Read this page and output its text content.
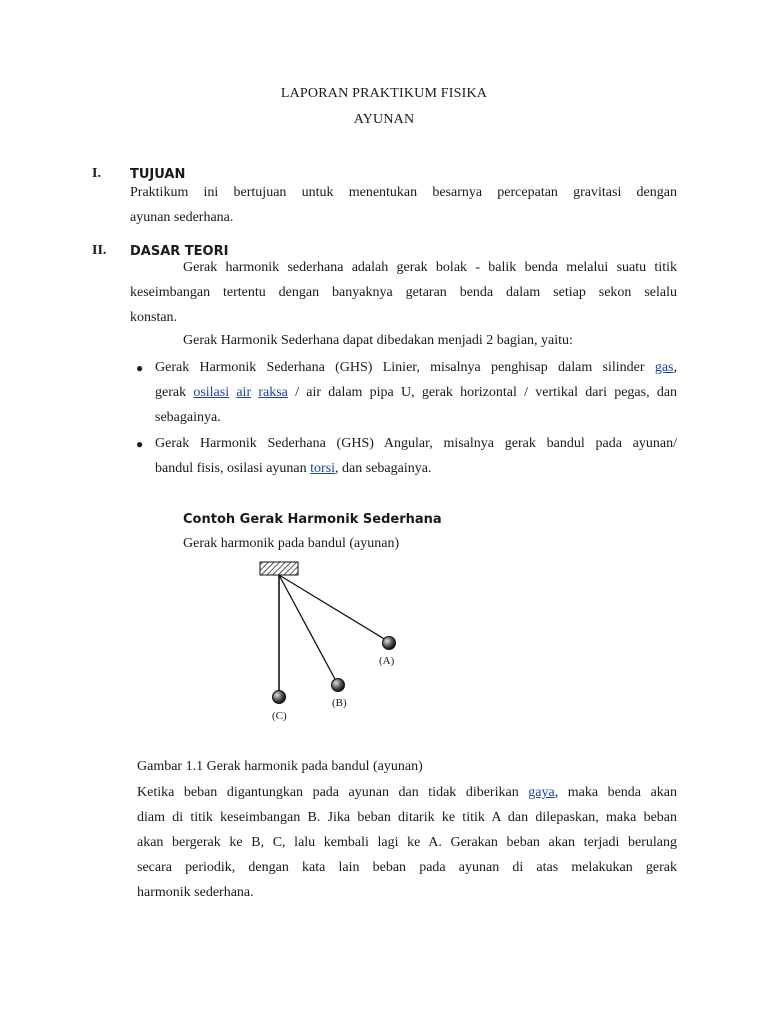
LAPORAN PRAKTIKUM FISIKA
AYUNAN
I. TUJUAN
Praktikum ini bertujuan untuk menentukan besarnya percepatan gravitasi dengan
ayunan sederhana.
II. DASAR TEORI
Gerak harmonik sederhana adalah gerak bolak - balik benda melalui suatu titik
keseimbangan tertentu dengan banyaknya getaran benda dalam setiap sekon selalu
konstan.
Gerak Harmonik Sederhana dapat dibedakan menjadi 2 bagian, yaitu:
● Gerak Harmonik Sederhana (GHS) Linier, misalnya penghisap dalam silinder gas,
gerak osilasi air raksa / air dalam pipa U, gerak horizontal / vertikal dari pegas, dan
sebagainya.
● Gerak Harmonik Sederhana (GHS) Angular, misalnya gerak bandul pada ayunan/
bandul fisis, osilasi ayunan torsi, dan sebagainya.
Contoh Gerak Harmonik Sederhana
Gerak harmonik pada bandul (ayunan)
(A)
(B)
(C)
Gambar 1.1 Gerak harmonik pada bandul (ayunan)
Ketika beban digantungkan pada ayunan dan tidak diberikan gaya, maka benda akan
diam di titik keseimbangan B. Jika beban ditarik ke titik A dan dilepaskan, maka beban
akan bergerak ke B, C, lalu kembali lagi ke A. Gerakan beban akan terjadi berulang
secara periodik, dengan kata lain beban pada ayunan di atas melakukan gerak
harmonik sederhana.
